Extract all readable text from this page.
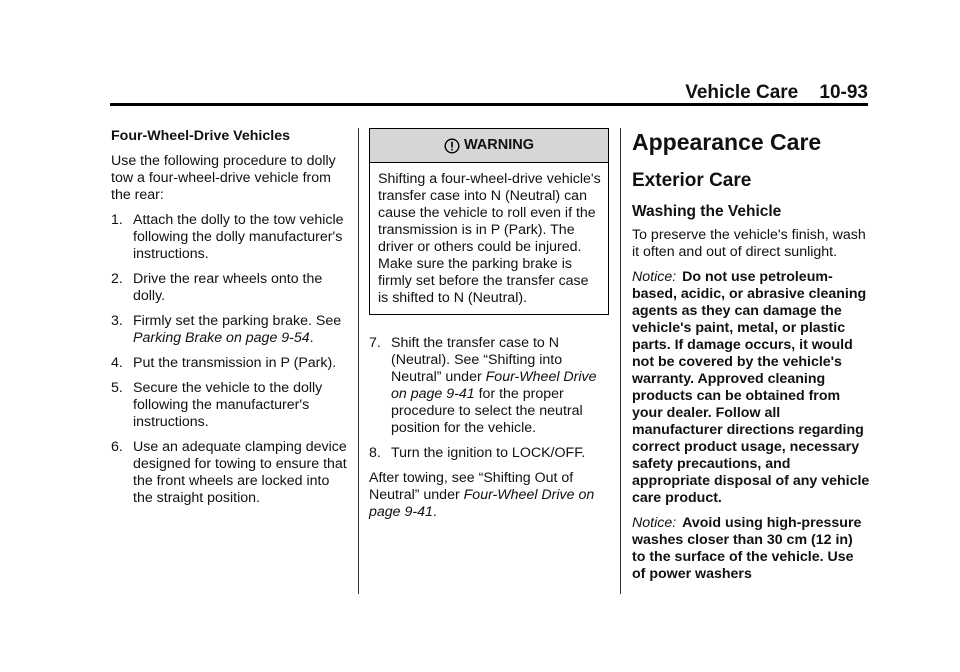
Vehicle Care 10-93

Four-Wheel-Drive Vehicles

Use the following procedure to dolly tow a four-wheel-drive vehicle from the rear:

1. Attach the dolly to the tow vehicle following the dolly manufacturer's instructions.
2. Drive the rear wheels onto the dolly.
3. Firmly set the parking brake. See Parking Brake on page 9-54.
4. Put the transmission in P (Park).
5. Secure the vehicle to the dolly following the manufacturer's instructions.
6. Use an adequate clamping device designed for towing to ensure that the front wheels are locked into the straight position.
WARNING
Shifting a four-wheel-drive vehicle's transfer case into N (Neutral) can cause the vehicle to roll even if the transmission is in P (Park). The driver or others could be injured. Make sure the parking brake is firmly set before the transfer case is shifted to N (Neutral).
7. Shift the transfer case to N (Neutral). See “Shifting into Neutral” under Four-Wheel Drive on page 9-41 for the proper procedure to select the neutral position for the vehicle.
8. Turn the ignition to LOCK/OFF.

After towing, see “Shifting Out of Neutral” under Four-Wheel Drive on page 9-41.

Appearance Care
Exterior Care
Washing the Vehicle

To preserve the vehicle's finish, wash it often and out of direct sunlight.

Notice: Do not use petroleum-based, acidic, or abrasive cleaning agents as they can damage the vehicle's paint, metal, or plastic parts. If damage occurs, it would not be covered by the vehicle's warranty. Approved cleaning products can be obtained from your dealer. Follow all manufacturer directions regarding correct product usage, necessary safety precautions, and appropriate disposal of any vehicle care product.

Notice: Avoid using high-pressure washes closer than 30 cm (12 in) to the surface of the vehicle. Use of power washers
